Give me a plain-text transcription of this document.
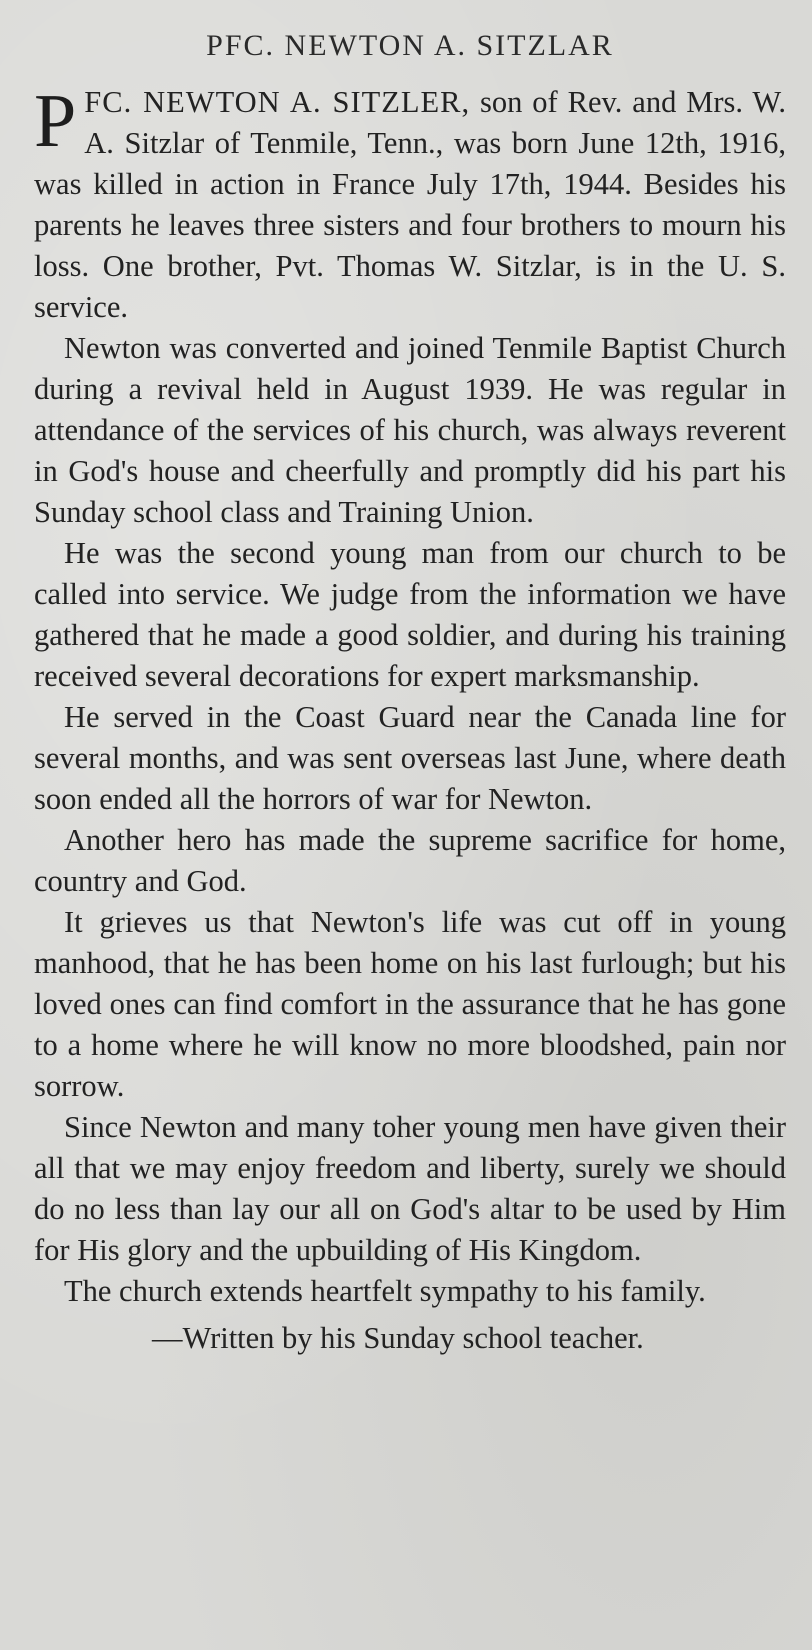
PFC. NEWTON A. SITZLAR

PFC. NEWTON A. SITZLER, son of Rev. and Mrs. W. A. Sitzlar of Tenmile, Tenn., was born June 12th, 1916, was killed in action in France July 17th, 1944. Besides his parents he leaves three sisters and four brothers to mourn his loss. One brother, Pvt. Thomas W. Sitzlar, is in the U. S. service.

Newton was converted and joined Tenmile Baptist Church during a revival held in August 1939. He was regular in attendance of the services of his church, was always reverent in God's house and cheerfully and promptly did his part his Sunday school class and Training Union.

He was the second young man from our church to be called into service. We judge from the information we have gathered that he made a good soldier, and during his training received several decorations for expert marksmanship.

He served in the Coast Guard near the Canada line for several months, and was sent overseas last June, where death soon ended all the horrors of war for Newton.

Another hero has made the supreme sacrifice for home, country and God.

It grieves us that Newton's life was cut off in young manhood, that he has been home on his last furlough; but his loved ones can find comfort in the assurance that he has gone to a home where he will know no more bloodshed, pain nor sorrow.

Since Newton and many toher young men have given their all that we may enjoy freedom and liberty, surely we should do no less than lay our all on God's altar to be used by Him for His glory and the upbuilding of His Kingdom.

The church extends heartfelt sympathy to his family.

—Written by his Sunday school teacher.
